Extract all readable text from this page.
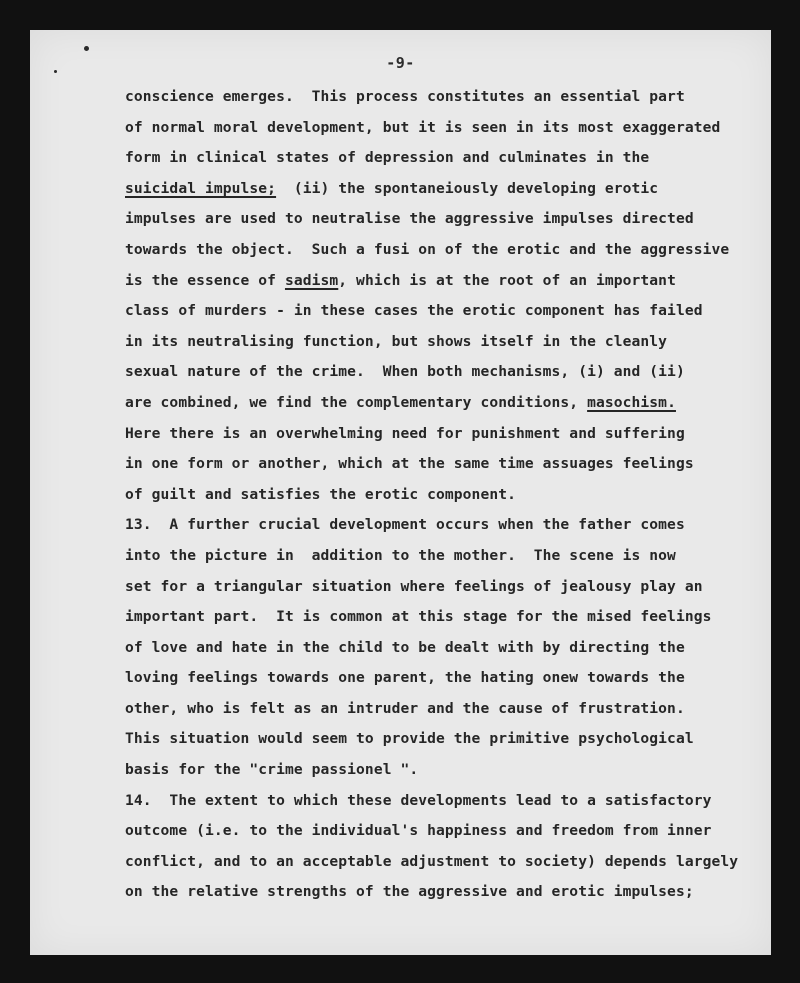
-9-
conscience emerges.  This process constitutes an essential part
of normal moral development, but it is seen in its most exaggerated
form in clinical states of depression and culminates in the
suicidal impulse;  (ii) the spontaneiously developing erotic
impulses are used to neutralise the aggressive impulses directed
towards the object.  Such a fusi on of the erotic and the aggressive
is the essence of sadism, which is at the root of an important
class of murders - in these cases the erotic component has failed
in its neutralising function, but shows itself in the cleanly
sexual nature of the crime.  When both mechanisms, (i) and (ii)
are combined, we find the complementary conditions, masochism.
Here there is an overwhelming need for punishment and suffering
in one form or another, which at the same time assuages feelings
of guilt and satisfies the erotic component.
13.  A further crucial development occurs when the father comes
into the picture in  addition to the mother.  The scene is now
set for a triangular situation where feelings of jealousy play an
important part.  It is common at this stage for the mised feelings
of love and hate in the child to be dealt with by directing the
loving feelings towards one parent, the hating onew towards the
other, who is felt as an intruder and the cause of frustration.
This situation would seem to provide the primitive psychological
basis for the "crime passionel ".
14.  The extent to which these developments lead to a satisfactory
outcome (i.e. to the individual's happiness and freedom from inner
conflict, and to an acceptable adjustment to society) depends largely
on the relative strengths of the aggressive and erotic impulses;
